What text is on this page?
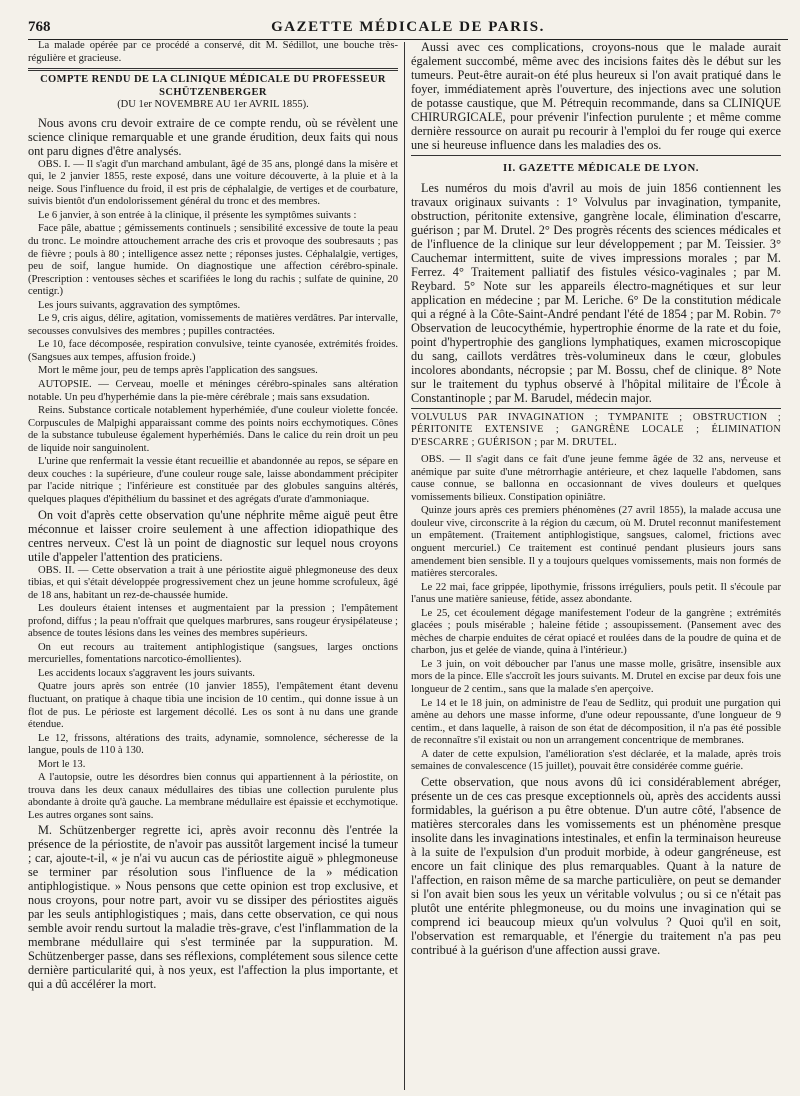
768	GAZETTE MÉDICALE DE PARIS.

La malade opérée par ce procédé a conservé, dit M. Sédillot, une bouche très-régulière et gracieuse.

COMPTE RENDU DE LA CLINIQUE MÉDICALE DU PROFESSEUR SCHÜTZENBERGER

(DU 1er NOVEMBRE AU 1er AVRIL 1855).

Nous avons cru devoir extraire de ce compte rendu, où se révèlent une science clinique remarquable et une grande érudition, deux faits qui nous ont paru dignes d'être analysés.

OBS. I. — Il s'agit d'un marchand ambulant, âgé de 35 ans, plongé dans la misère et qui, le 2 janvier 1855, reste exposé, dans une voiture découverte, à la pluie et à la neige. Sous l'influence du froid, il est pris de céphalalgie, de vertiges et de courbature, suivis bientôt d'un endolorissement général du tronc et des membres.

Le 6 janvier, à son entrée à la clinique, il présente les symptômes suivants :

Face pâle, abattue ; gémissements continuels ; sensibilité excessive de toute la peau du tronc. Le moindre attouchement arrache des cris et provoque des soubresauts ; pas de fièvre ; pouls à 80 ; intelligence assez nette ; réponses justes. Céphalalgie, vertiges, peu de soif, langue humide. On diagnostique une affection cérébro-spinale. (Prescription : ventouses sèches et scarifiées le long du rachis ; sulfate de quinine, 20 centigr.)

Les jours suivants, aggravation des symptômes.

Le 9, cris aigus, délire, agitation, vomissements de matières verdâtres. Par intervalle, secousses convulsives des membres ; pupilles contractées.

Le 10, face décomposée, respiration convulsive, teinte cyanosée, extrémités froides. (Sangsues aux tempes, affusion froide.)

Mort le même jour, peu de temps après l'application des sangsues.

AUTOPSIE. — Cerveau, moelle et méninges cérébro-spinales sans altération notable. Un peu d'hyperhémie dans la pie-mère cérébrale ; mais sans exsudation.

Reins. Substance corticale notablement hyperhémiée, d'une couleur violette foncée. Corpuscules de Malpighi apparaissant comme des points noirs ecchymotiques. Cônes de la substance tubuleuse également hyperhémiés. Dans le calice du rein droit un peu de liquide noir sanguinolent.

L'urine que renfermait la vessie étant recueillie et abandonnée au repos, se sépare en deux couches : la supérieure, d'une couleur rouge sale, laisse abondamment précipiter par l'acide nitrique ; l'inférieure est constituée par des globules sanguins altérés, quelques plaques d'épithélium du bassinet et des agrégats d'urate d'ammoniaque.

On voit d'après cette observation qu'une néphrite même aiguë peut être méconnue et laisser croire seulement à une affection idiopathique des centres nerveux. C'est là un point de diagnostic sur lequel nous croyons utile d'appeler l'attention des praticiens.

OBS. II. — Cette observation a trait à une périostite aiguë phlegmoneuse des deux tibias, et qui s'était développée progressivement chez un jeune homme scrofuleux, âgé de 18 ans, habitant un rez-de-chaussée humide.

Les douleurs étaient intenses et augmentaient par la pression ; l'empâtement profond, diffus ; la peau n'offrait que quelques marbrures, sans rougeur érysipélateuse ; absence de toutes lésions dans les veines des membres supérieurs.

On eut recours au traitement antiphlogistique (sangsues, larges onctions mercurielles, fomentations narcotico-émollientes).

Les accidents locaux s'aggravent les jours suivants.

Quatre jours après son entrée (10 janvier 1855), l'empâtement étant devenu fluctuant, on pratique à chaque tibia une incision de 10 centim., qui donne issue à un flot de pus. Le périoste est largement décollé. Les os sont à nu dans une grande étendue.

Le 12, frissons, altérations des traits, adynamie, somnolence, sécheresse de la langue, pouls de 110 à 130.

Mort le 13.

A l'autopsie, outre les désordres bien connus qui appartiennent à la périostite, on trouva dans les deux canaux médullaires des tibias une collection purulente plus abondante à droite qu'à gauche. La membrane médullaire est épaissie et ecchymotique. Les autres organes sont sains.

M. Schützenberger regrette ici, après avoir reconnu dès l'entrée la présence de la périostite, de n'avoir pas aussitôt largement incisé la tumeur ; car, ajoute-t-il, « je n'ai vu aucun cas de périostite aiguë » phlegmoneuse se terminer par résolution sous l'influence de la » médication antiphlogistique. » Nous pensons que cette opinion est trop exclusive, et nous croyons, pour notre part, avoir vu se dissiper des périostites aiguës par les seuls antiphlogistiques ; mais, dans cette observation, ce qui nous semble avoir rendu surtout la maladie très-grave, c'est l'inflammation de la membrane médullaire qui s'est terminée par la suppuration. M. Schützenberger passe, dans ses réflexions, complétement sous silence cette dernière particularité qui, à nos yeux, est l'affection la plus importante, et qui a dû accélérer la mort.

Aussi avec ces complications, croyons-nous que le malade aurait également succombé, même avec des incisions faites dès le début sur les tumeurs. Peut-être aurait-on été plus heureux si l'on avait pratiqué dans le foyer, immédiatement après l'ouverture, des injections avec une solution de potasse caustique, que M. Pétrequin recommande, dans sa CLINIQUE CHIRURGICALE, pour prévenir l'infection purulente ; et même comme dernière ressource on aurait pu recourir à l'emploi du fer rouge qui exerce une si heureuse influence dans les maladies des os.

II. GAZETTE MÉDICALE DE LYON.

Les numéros du mois d'avril au mois de juin 1856 contiennent les travaux originaux suivants : 1° Volvulus par invagination, tympanite, obstruction, péritonite extensive, gangrène locale, élimination d'escarre, guérison ; par M. Drutel. 2° Des progrès récents des sciences médicales et de l'influence de la clinique sur leur développement ; par M. Teissier. 3° Cauchemar intermittent, suite de vives impressions morales ; par M. Ferrez. 4° Traitement palliatif des fistules vésico-vaginales ; par M. Reybard. 5° Note sur les appareils électro-magnétiques et sur leur application en médecine ; par M. Leriche. 6° De la constitution médicale qui a régné à la Côte-Saint-André pendant l'été de 1854 ; par M. Robin. 7° Observation de leucocythémie, hypertrophie énorme de la rate et du foie, point d'hypertrophie des ganglions lymphatiques, examen microscopique du sang, caillots verdâtres très-volumineux dans le cœur, globules incolores abondants, nécropsie ; par M. Bossu, chef de clinique. 8° Note sur le traitement du typhus observé à l'hôpital militaire de l'École à Constantinople ; par M. Barudel, médecin major.

VOLVULUS PAR INVAGINATION ; TYMPANITE ; OBSTRUCTION ; PÉRITONITE EXTENSIVE ; GANGRÈNE LOCALE ; ÉLIMINATION D'ESCARRE ; GUÉRISON ; par M. DRUTEL.

OBS. — Il s'agit dans ce fait d'une jeune femme âgée de 32 ans, nerveuse et anémique par suite d'une métrorrhagie antérieure, et chez laquelle l'abdomen, sans cause connue, se ballonna en occasionnant de vives douleurs et quelques vomissements bilieux. Constipation opiniâtre.

Quinze jours après ces premiers phénomènes (27 avril 1855), la malade accusa une douleur vive, circonscrite à la région du cæcum, où M. Drutel reconnut manifestement un empâtement. (Traitement antiphlogistique, sangsues, calomel, frictions avec onguent mercuriel.) Ce traitement est continué pendant plusieurs jours sans amendement bien sensible. Il y a toujours quelques vomissements, mais non formés de matières stercorales.

Le 22 mai, face grippée, lipothymie, frissons irréguliers, pouls petit. Il s'écoule par l'anus une matière sanieuse, fétide, assez abondante.

Le 25, cet écoulement dégage manifestement l'odeur de la gangrène ; extrémités glacées ; pouls misérable ; haleine fétide ; assoupissement. (Pansement avec des mèches de charpie enduites de cérat opiacé et roulées dans de la poudre de quina et de charbon, jus et gelée de viande, quina à l'intérieur.)

Le 3 juin, on voit déboucher par l'anus une masse molle, grisâtre, insensible aux mors de la pince. Elle s'accroît les jours suivants. M. Drutel en excise par deux fois une longueur de 2 centim., sans que la malade s'en aperçoive.

Le 14 et le 18 juin, on administre de l'eau de Sedlitz, qui produit une purgation qui amène au dehors une masse informe, d'une odeur repoussante, d'une longueur de 9 centim., et dans laquelle, à raison de son état de décomposition, il n'a pas été possible de reconnaître s'il existait ou non un arrangement concentrique de membranes.

A dater de cette expulsion, l'amélioration s'est déclarée, et la malade, après trois semaines de convalescence (15 juillet), pouvait être considérée comme guérie.

Cette observation, que nous avons dû ici considérablement abréger, présente un de ces cas presque exceptionnels où, après des accidents aussi formidables, la guérison a pu être obtenue. D'un autre côté, l'absence de matières stercorales dans les vomissements est un phénomène presque insolite dans les invaginations intestinales, et enfin la terminaison heureuse à la suite de l'expulsion d'un produit morbide, à odeur gangréneuse, est encore un fait clinique des plus remarquables. Quant à la nature de l'affection, en raison même de sa marche particulière, on peut se demander si l'on avait bien sous les yeux un véritable volvulus ; ou si ce n'était pas plutôt une entérite phlegmoneuse, ou du moins une invagination qui se comprend ici beaucoup mieux qu'un volvulus ? Quoi qu'il en soit, l'observation est remarquable, et l'énergie du traitement n'a pas peu contribué à la guérison d'une affection aussi grave.
